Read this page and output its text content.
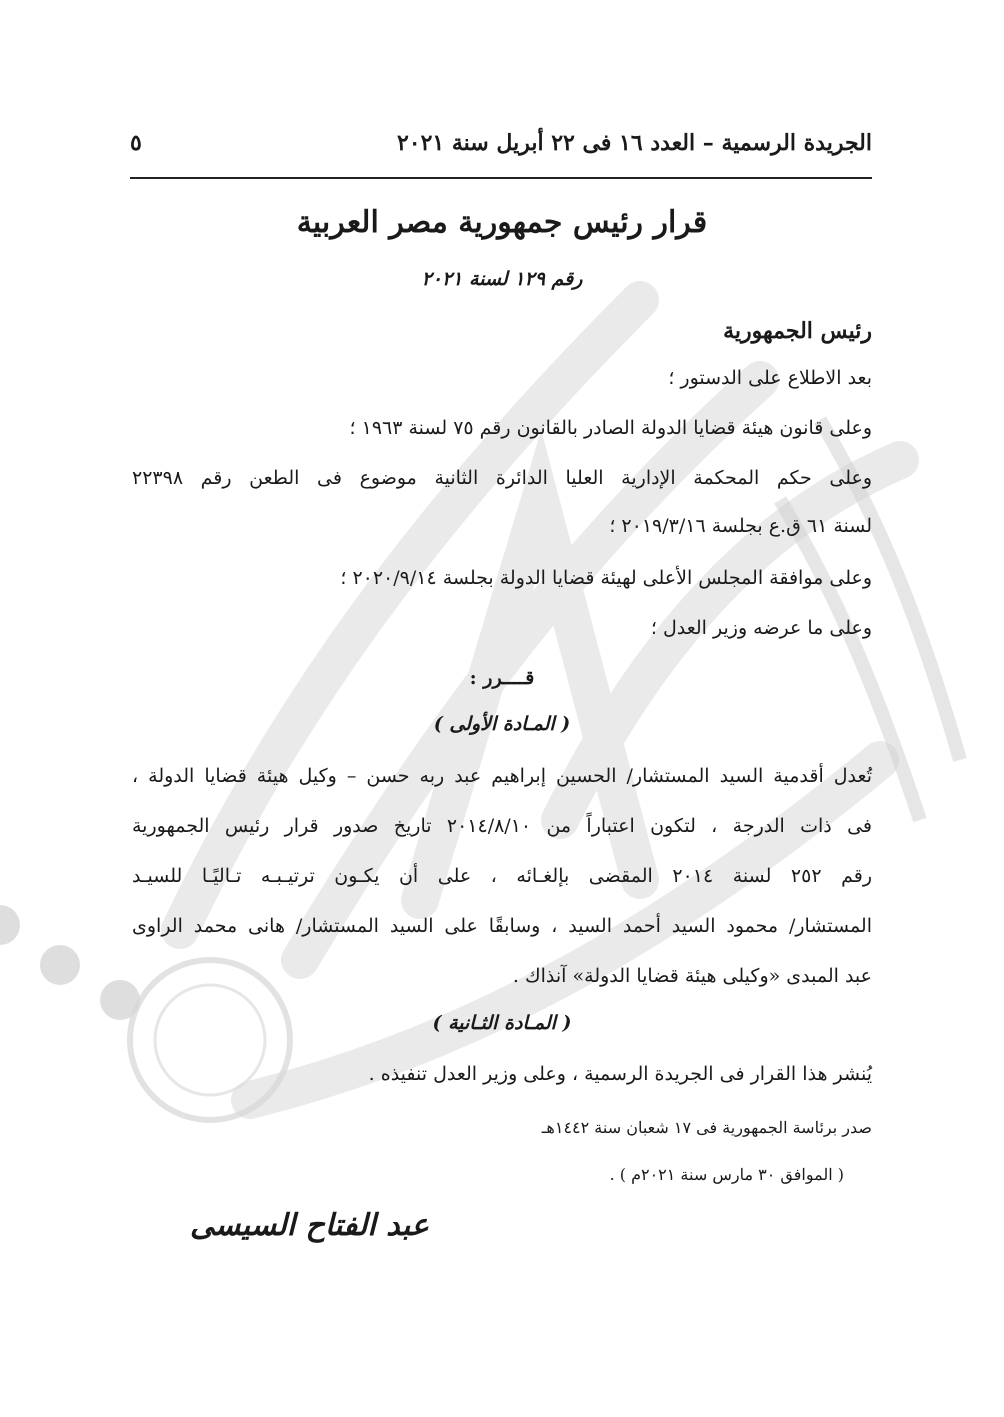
الجريدة الرسمية – العدد ١٦ فى ٢٢ أبريل سنة ٢٠٢١
٥
قرار رئيس جمهورية مصر العربية
رقم ١٢٩ لسنة ٢٠٢١
رئيس الجمهورية
بعد الاطلاع على الدستور ؛
وعلى قانون هيئة قضايا الدولة الصادر بالقانون رقم ٧٥ لسنة ١٩٦٣ ؛
وعلى حكم المحكمة الإدارية العليا الدائرة الثانية موضوع فى الطعن رقم ٢٢٣٩٨
لسنة ٦١ ق.ع بجلسة ٢٠١٩/٣/١٦ ؛
وعلى موافقة المجلس الأعلى لهيئة قضايا الدولة بجلسة ٢٠٢٠/٩/١٤ ؛
وعلى ما عرضه وزير العدل ؛
قــــرر :
( المـادة الأولى )
تُعدل أقدمية السيد المستشار/ الحسين إبراهيم عبد ربه حسن – وكيل هيئة قضايا الدولة ،
فى ذات الدرجة ، لتكون اعتباراً من ٢٠١٤/٨/١٠ تاريخ صدور قرار رئيس الجمهورية
رقم ٢٥٢ لسنة ٢٠١٤ المقضى بإلغـائه ، على أن يكـون ترتيـبـه تـاليًـا للسيـد
المستشار/ محمود السيد أحمد السيد ، وسابقًا على السيد المستشار/ هانى محمد الراوى
عبد المبدى «وكيلى هيئة قضايا الدولة» آنذاك .
( المـادة الثـانية )
يُنشر هذا القرار فى الجريدة الرسمية ، وعلى وزير العدل تنفيذه .
صدر برئاسة الجمهورية فى ١٧ شعبان سنة ١٤٤٢هـ
( الموافق ٣٠ مارس سنة ٢٠٢١م ) .
عبد الفتاح السيسى
